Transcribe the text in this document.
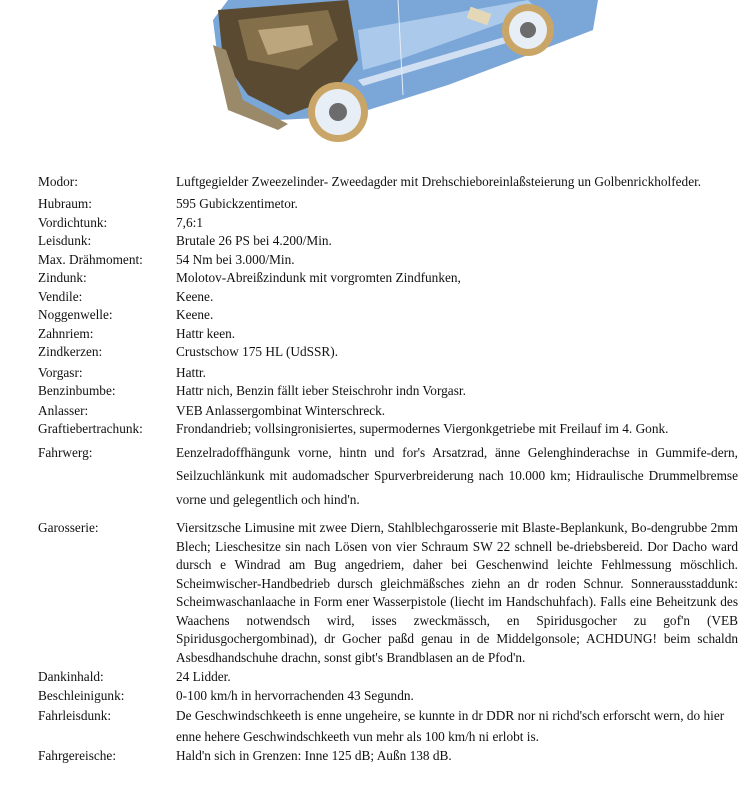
Modor:	Luftgegielder Zweezelinder- Zweedagder mit Drehschieboreinlaßsteierung un Golbenrickholfeder.
Hubraum:	595 Gubickzentimetor.
Vordichtunk:	7,6:1
Leisdunk:	Brutale 26 PS bei 4.200/Min.
Max. Drähmoment:	54 Nm bei 3.000/Min.
Zindunk:	Molotov-Abreißzindunk mit vorgromten Zindfunken,
Vendile:	Keene.
Noggenwelle:	Keene.
Zahnriem:	Hattr keen.
Zindkerzen:	Crustschow 175 HL (UdSSR).
Vorgasr:	Hattr.
Benzinbumbe:	Hattr nich, Benzin fällt ieber Steischrohr indn Vorgasr.
Anlasser:	VEB Anlassergombinat Winterschreck.
Graftiebertrachunk:	Frondandrieb; vollsingronisiertes, supermodernes Viergonkgetriebe mit Freilauf im 4. Gonk.
Fahrwerg:	Eenzelradoffhängunk vorne, hintn und for's Arsatzrad, änne Gelenghinderachse in Gummife-dern, Seilzuchlänkunk mit audomadscher Spurverbreiderung nach 10.000 km; Hidraulische Drummelbremse vorne und gelegentlich och hind'n.
Garosserie:	Viersitzsche Limusine mit zwee Diern, Stahlblechgarosserie mit Blaste-Beplankunk, Bo-dengrubbe 2mm Blech; Lieschesitze sin nach Lösen von vier Schraum SW 22 schnell be-driebsbereid. Dor Dacho ward dursch e Windrad am Bug angedriem, daher bei Geschenwind leichte Fehlmessung möschlich. Scheimwischer-Handbedrieb dursch gleichmäßsches ziehn an dr roden Schnur. Sonnerausstaddunk: Scheimwaschanlaache in Form ener Wasserpistole (liecht im Handschuhfach). Falls eine Beheitzunk des Waachens notwendsch wird, isses zweckmässch, en Spiridusgocher zu gof'n (VEB Spiridusgochergombinad), dr Gocher paßd genau in de Middelgonsole; ACHDUNG! beim schaldn Asbesdhandschuhe drachn, sonst gibt's Brandblasen an de Pfod'n.
Dankinhald:	24 Lidder.
Beschleinigunk:	0-100 km/h in hervorrachenden 43 Segundn.
Fahrleisdunk:	De Geschwindschkeeth is enne ungeheire, se kunnte in dr DDR nor ni richd'sch erforscht wern, do hier enne hehere Geschwindschkeeth vun mehr als 100 km/h ni erlobt is.
Fahrgereische:	Hald'n sich in Grenzen: Inne 125 dB; Außn 138 dB.
